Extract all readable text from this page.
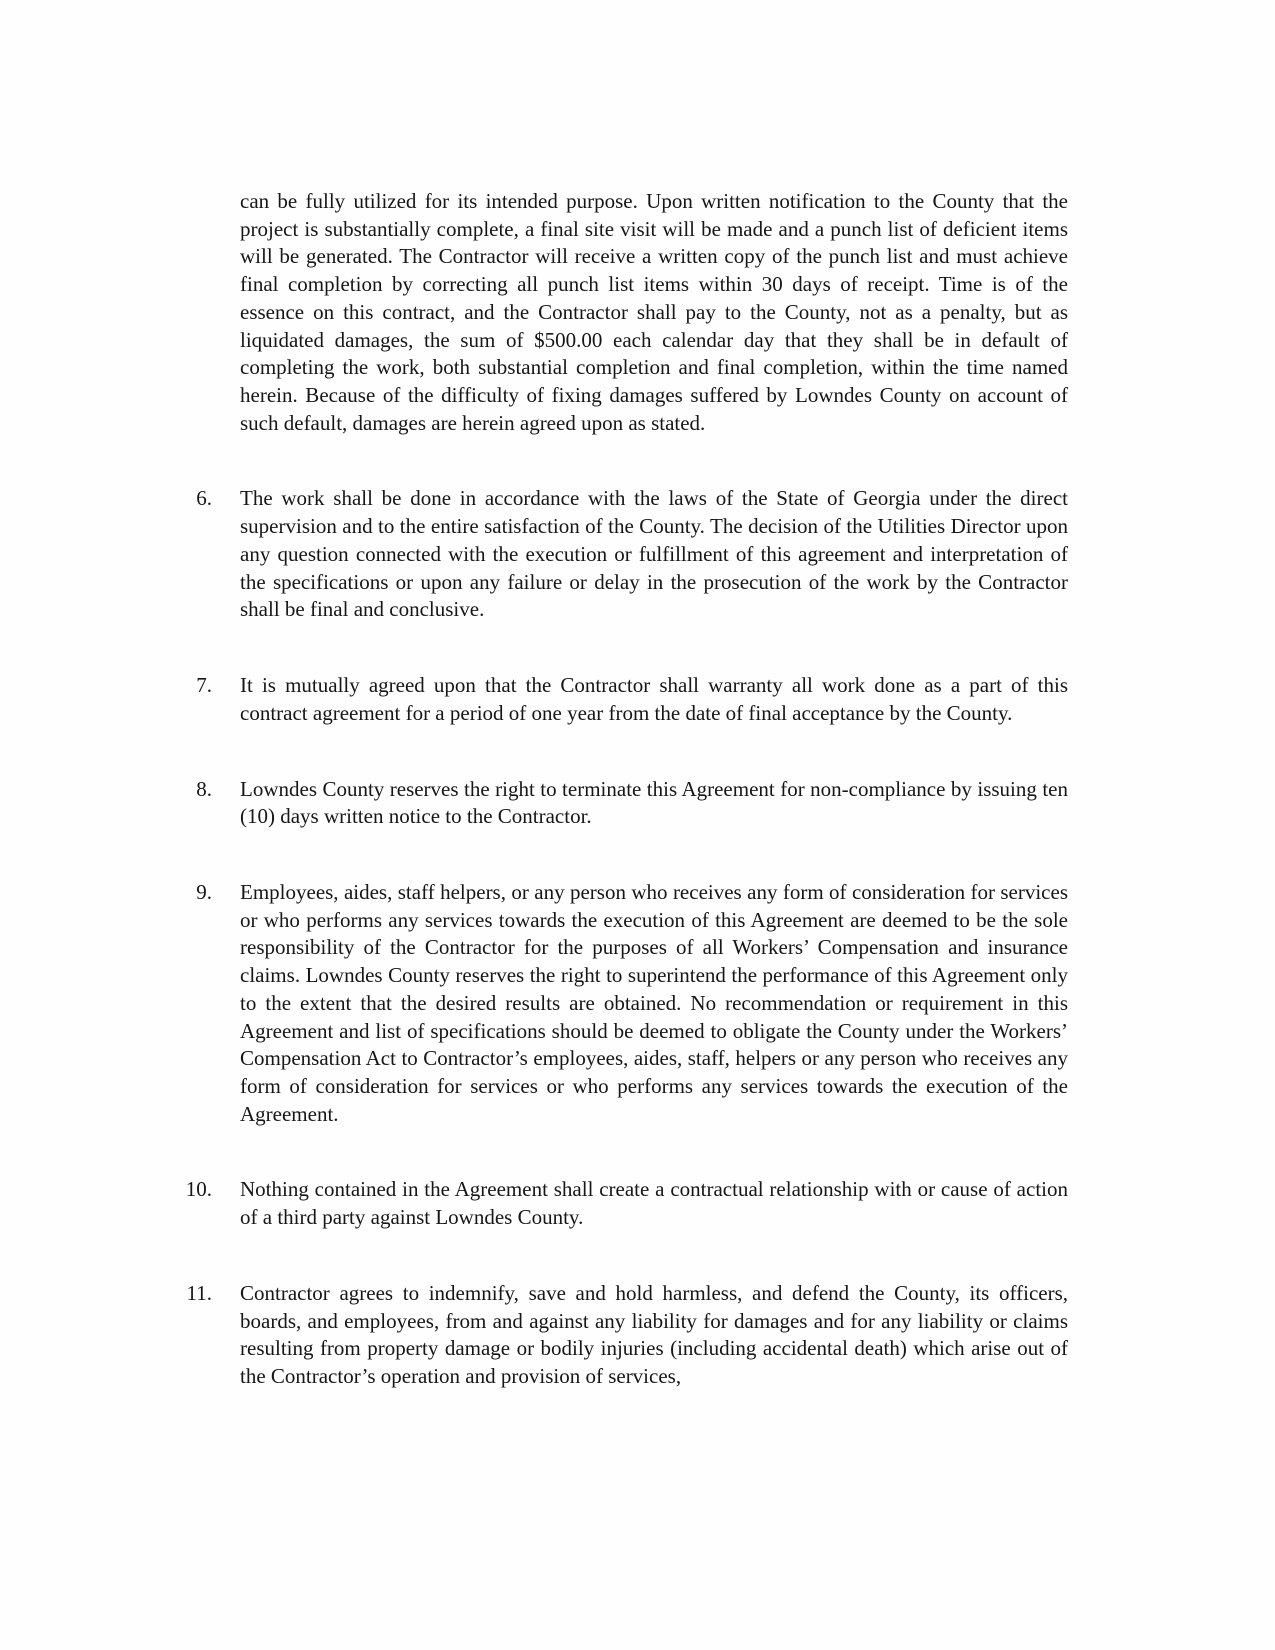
can be fully utilized for its intended purpose. Upon written notification to the County that the project is substantially complete, a final site visit will be made and a punch list of deficient items will be generated. The Contractor will receive a written copy of the punch list and must achieve final completion by correcting all punch list items within 30 days of receipt. Time is of the essence on this contract, and the Contractor shall pay to the County, not as a penalty, but as liquidated damages, the sum of $500.00 each calendar day that they shall be in default of completing the work, both substantial completion and final completion, within the time named herein. Because of the difficulty of fixing damages suffered by Lowndes County on account of such default, damages are herein agreed upon as stated.
6. The work shall be done in accordance with the laws of the State of Georgia under the direct supervision and to the entire satisfaction of the County. The decision of the Utilities Director upon any question connected with the execution or fulfillment of this agreement and interpretation of the specifications or upon any failure or delay in the prosecution of the work by the Contractor shall be final and conclusive.
7. It is mutually agreed upon that the Contractor shall warranty all work done as a part of this contract agreement for a period of one year from the date of final acceptance by the County.
8. Lowndes County reserves the right to terminate this Agreement for non-compliance by issuing ten (10) days written notice to the Contractor.
9. Employees, aides, staff helpers, or any person who receives any form of consideration for services or who performs any services towards the execution of this Agreement are deemed to be the sole responsibility of the Contractor for the purposes of all Workers’ Compensation and insurance claims. Lowndes County reserves the right to superintend the performance of this Agreement only to the extent that the desired results are obtained. No recommendation or requirement in this Agreement and list of specifications should be deemed to obligate the County under the Workers’ Compensation Act to Contractor’s employees, aides, staff, helpers or any person who receives any form of consideration for services or who performs any services towards the execution of the Agreement.
10. Nothing contained in the Agreement shall create a contractual relationship with or cause of action of a third party against Lowndes County.
11. Contractor agrees to indemnify, save and hold harmless, and defend the County, its officers, boards, and employees, from and against any liability for damages and for any liability or claims resulting from property damage or bodily injuries (including accidental death) which arise out of the Contractor’s operation and provision of services,
